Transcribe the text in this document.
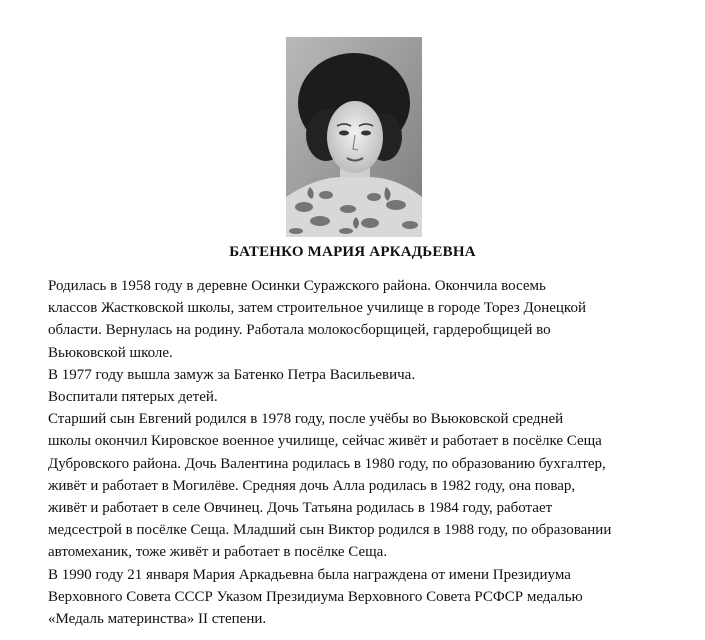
БАТЕНКО МАРИЯ АРКАДЬЕВНА

Родилась в 1958 году в деревне Осинки Суражского района. Окончила восемь

классов Жастковской школы, затем строительное училище в городе Торез Донецкой

области. Вернулась на родину. Работала молокосборщицей, гардеробщицей во

Вьюковской школе.

В 1977 году вышла замуж за Батенко Петра Васильевича.

Воспитали пятерых детей.

Старший сын Евгений родился в 1978 году, после учёбы во Вьюковской средней

школы окончил Кировское военное училище, сейчас живёт и работает в посёлке Сеща

Дубровского района. Дочь Валентина родилась в 1980 году, по образованию бухгалтер,

живёт и работает в Могилёве. Средняя дочь Алла родилась в 1982 году, она повар,

живёт и работает в селе Овчинец. Дочь Татьяна родилась в 1984 году, работает

медсестрой в посёлке Сеща. Младший сын Виктор родился в 1988 году, по образовании

автомеханик, тоже живёт и работает в посёлке Сеща.

В 1990 году 21 января Мария Аркадьевна была награждена от имени Президиума

Верховного Совета СССР Указом Президиума Верховного Совета РСФСР медалью

«Медаль материнства» II степени.
